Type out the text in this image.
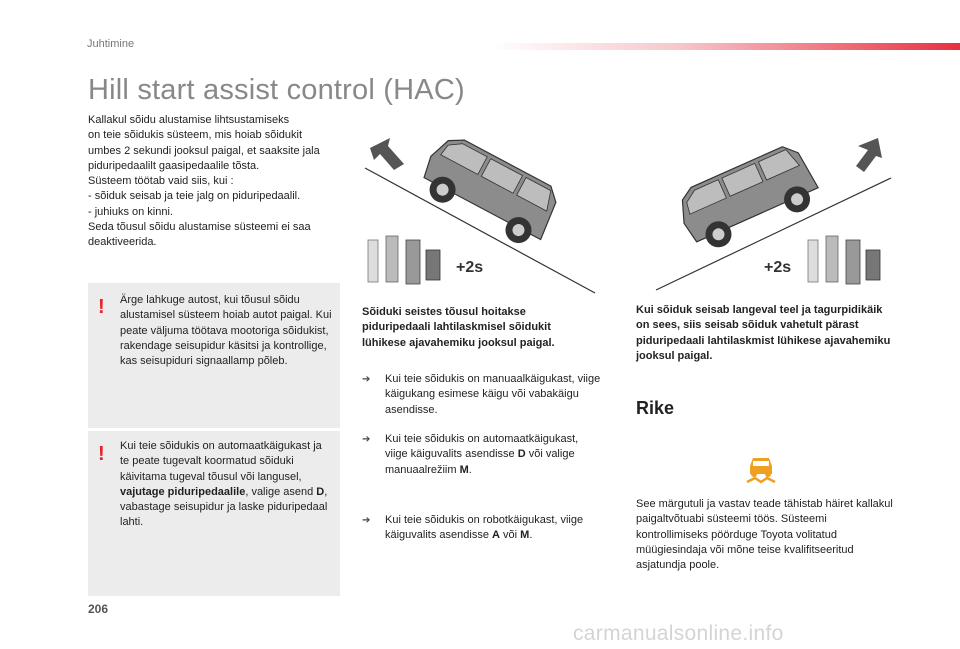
Juhtimine
Hill start assist control (HAC)

Kallakul sõidu alustamise lihtsustamiseks

on teie sõidukis süsteem, mis hoiab sõidukit

umbes 2 sekundi jooksul paigal, et saaksite jala

piduripedaalilt gaasipedaalile tõsta.

Süsteem töötab vaid siis, kui :

- sõiduk seisab ja teie jalg on piduripedaalil.

- juhiuks on kinni.

Seda tõusul sõidu alustamise süsteemi ei saa

deaktiveerida.

! Ärge lahkuge autost, kui tõusul sõidu alustamisel süsteem hoiab autot paigal. Kui peate väljuma töötava mootoriga sõidukist, rakendage seisupidur käsitsi ja kontrollige, kas seisupiduri signaallamp põleb.
! Kui teie sõidukis on automaatkäigukast ja te peate tugevalt koormatud sõiduki käivitama tugeval tõusul või langusel, vajutage piduripedaalile, valige asend D, vabastage seisupidur ja laske piduripedaal lahti.
+2s	+2s
Sõiduki seistes tõusul hoitakse piduripedaali lahtilaskmisel sõidukit lühikese ajavahemiku jooksul paigal.
Kui sõiduk seisab langeval teel ja tagurpidikäik on sees, siis seisab sõiduk vahetult pärast piduripedaali lahtilaskmist lühikese ajavahemiku jooksul paigal.
➔ Kui teie sõidukis on manuaalkäigukast, viige käigukang esimese käigu või vabakäigu asendisse.
➔ Kui teie sõidukis on automaatkäigukast, viige käiguvalits asendisse D või valige manuaalrežiim M.
➔ Kui teie sõidukis on robotkäigukast, viige käiguvalits asendisse A või M.
Rike
See märgutuli ja vastav teade tähistab häiret kallakul paigaltvõtuabi süsteemi töös. Süsteemi kontrollimiseks pöörduge Toyota volitatud müügiesindaja või mõne teise kvalifitseeritud asjatundja poole.
206
carmanualsonline.info
